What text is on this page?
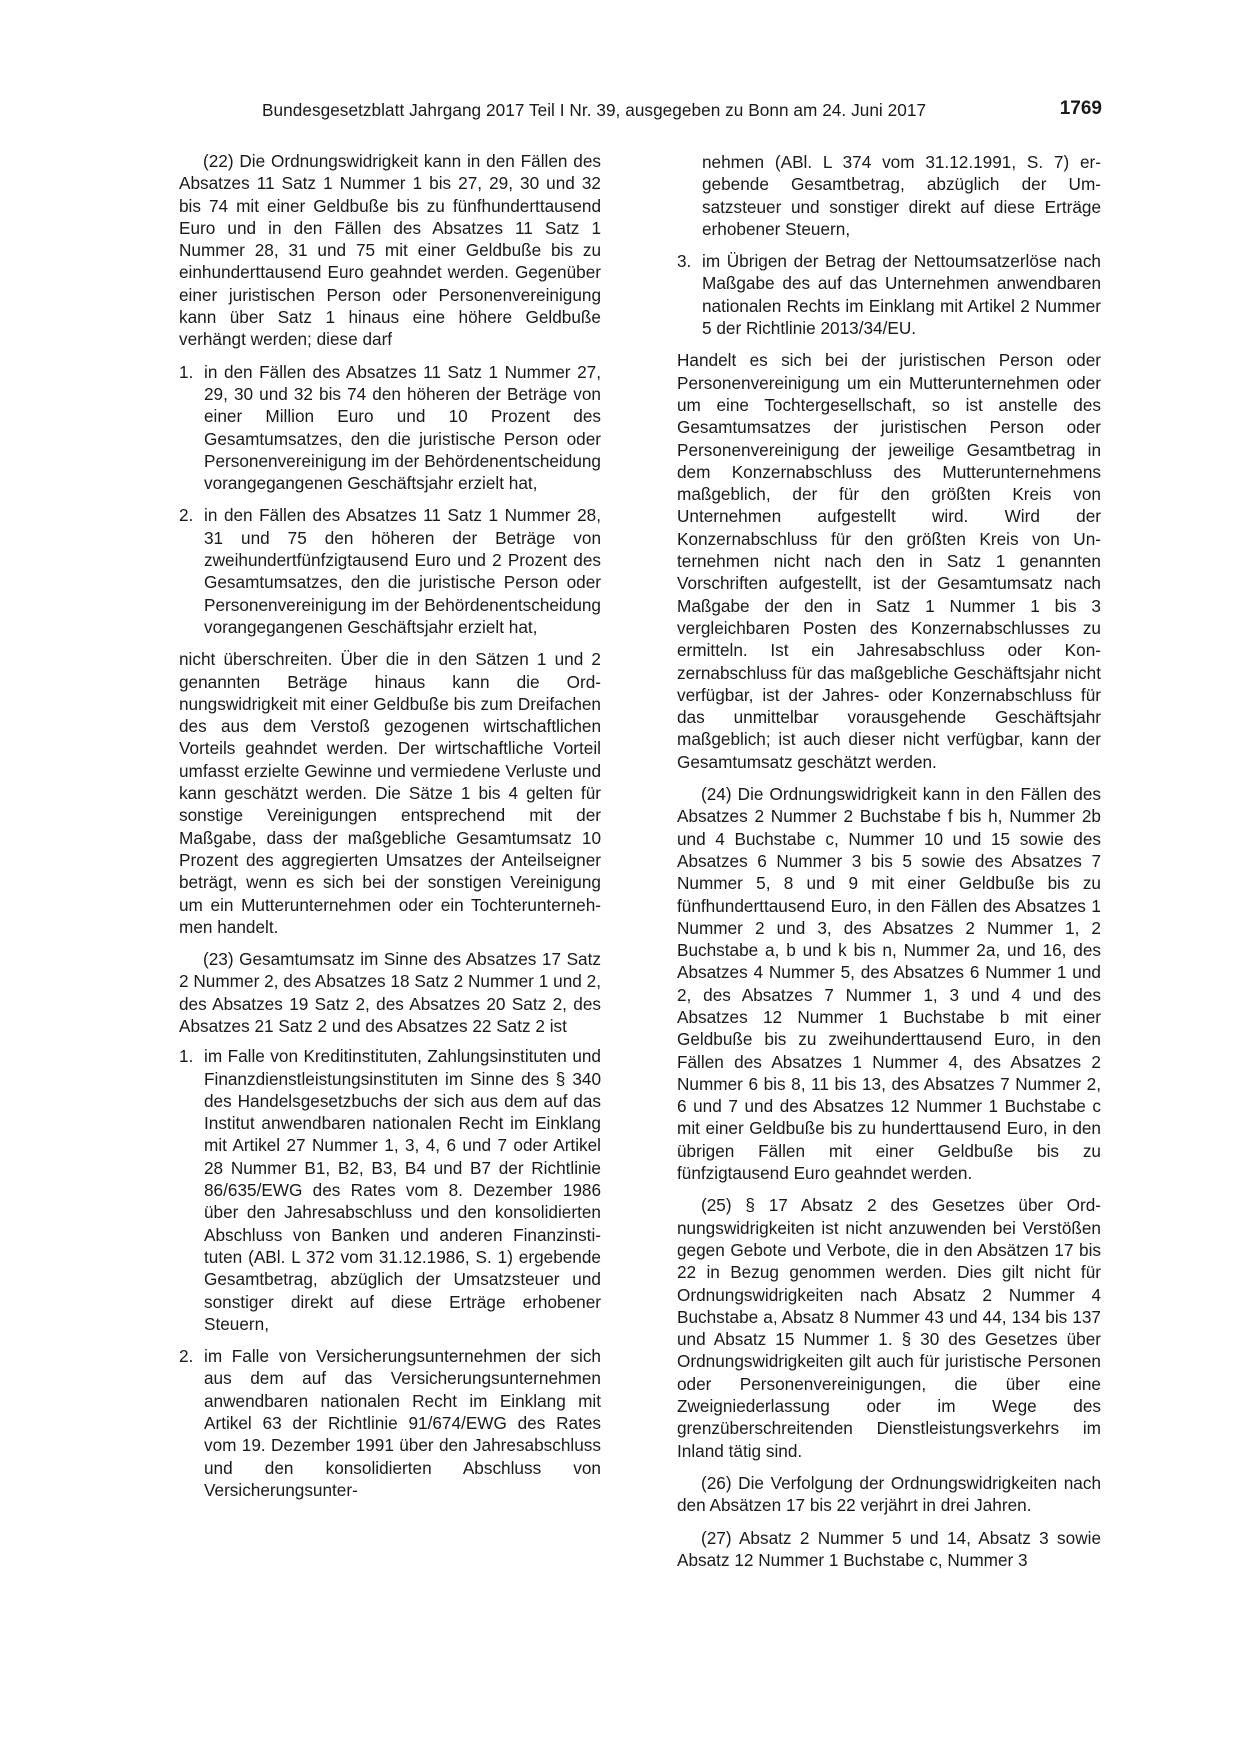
Bundesgesetzblatt Jahrgang 2017 Teil I Nr. 39, ausgegeben zu Bonn am 24. Juni 2017	1769

(22) Die Ordnungswidrigkeit kann in den Fällen des Absatzes 11 Satz 1 Nummer 1 bis 27, 29, 30 und 32 bis 74 mit einer Geldbuße bis zu fünfhunderttausend Euro und in den Fällen des Absatzes 11 Satz 1 Nummer 28, 31 und 75 mit einer Geldbuße bis zu einhunderttausend Euro geahndet werden. Gegenüber einer juristischen Person oder Personenvereinigung kann über Satz 1 hinaus eine höhere Geldbuße verhängt werden; diese darf

1. in den Fällen des Absatzes 11 Satz 1 Nummer 27, 29, 30 und 32 bis 74 den höheren der Beträge von einer Million Euro und 10 Prozent des Gesamtumsatzes, den die juristische Person oder Personenvereinigung im der Behördenentscheidung vorangegangenen Geschäftsjahr erzielt hat,
2. in den Fällen des Absatzes 11 Satz 1 Nummer 28, 31 und 75 den höheren der Beträge von zweihundertfünfzigtausend Euro und 2 Prozent des Gesamtumsatzes, den die juristische Person oder Personenvereinigung im der Behördenentscheidung vorangegangenen Geschäftsjahr erzielt hat,

nicht überschreiten. Über die in den Sätzen 1 und 2 genannten Beträge hinaus kann die Ordnungswidrigkeit mit einer Geldbuße bis zum Dreifachen des aus dem Verstoß gezogenen wirtschaftlichen Vorteils geahndet werden. Der wirtschaftliche Vorteil umfasst erzielte Gewinne und vermiedene Verluste und kann geschätzt werden. Die Sätze 1 bis 4 gelten für sonstige Vereinigungen entsprechend mit der Maßgabe, dass der maßgebliche Gesamtumsatz 10 Prozent des aggregierten Umsatzes der Anteilseigner beträgt, wenn es sich bei der sonstigen Vereinigung um ein Mutterunternehmen oder ein Tochterunternehmen handelt.

(23) Gesamtumsatz im Sinne des Absatzes 17 Satz 2 Nummer 2, des Absatzes 18 Satz 2 Nummer 1 und 2, des Absatzes 19 Satz 2, des Absatzes 20 Satz 2, des Absatzes 21 Satz 2 und des Absatzes 22 Satz 2 ist

1. im Falle von Kreditinstituten, Zahlungsinstituten und Finanzdienstleistungsinstituten im Sinne des § 340 des Handelsgesetzbuchs der sich aus dem auf das Institut anwendbaren nationalen Recht im Einklang mit Artikel 27 Nummer 1, 3, 4, 6 und 7 oder Artikel 28 Nummer B1, B2, B3, B4 und B7 der Richtlinie 86/635/EWG des Rates vom 8. Dezember 1986 über den Jahresabschluss und den konsolidierten Abschluss von Banken und anderen Finanzinstituten (ABl. L 372 vom 31.12.1986, S. 1) ergebende Gesamtbetrag, abzüglich der Umsatzsteuer und sonstiger direkt auf diese Erträge erhobener Steuern,
2. im Falle von Versicherungsunternehmen der sich aus dem auf das Versicherungsunternehmen anwendbaren nationalen Recht im Einklang mit Artikel 63 der Richtlinie 91/674/EWG des Rates vom 19. Dezember 1991 über den Jahresabschluss und den konsolidierten Abschluss von Versicherungsunter-
nehmen (ABl. L 374 vom 31.12.1991, S. 7) ergebende Gesamtbetrag, abzüglich der Umsatzsteuer und sonstiger direkt auf diese Erträge erhobener Steuern,
3. im Übrigen der Betrag der Nettoumsatzerlöse nach Maßgabe des auf das Unternehmen anwendbaren nationalen Rechts im Einklang mit Artikel 2 Nummer 5 der Richtlinie 2013/34/EU.

Handelt es sich bei der juristischen Person oder Personenvereinigung um ein Mutterunternehmen oder um eine Tochtergesellschaft, so ist anstelle des Gesamtumsatzes der juristischen Person oder Personenvereinigung der jeweilige Gesamtbetrag in dem Konzernabschluss des Mutterunternehmens maßgeblich, der für den größten Kreis von Unternehmen aufgestellt wird. Wird der Konzernabschluss für den größten Kreis von Unternehmen nicht nach den in Satz 1 genannten Vorschriften aufgestellt, ist der Gesamtumsatz nach Maßgabe der den in Satz 1 Nummer 1 bis 3 vergleichbaren Posten des Konzernabschlusses zu ermitteln. Ist ein Jahresabschluss oder Konzernabschluss für das maßgebliche Geschäftsjahr nicht verfügbar, ist der Jahres- oder Konzernabschluss für das unmittelbar vorausgehende Geschäftsjahr maßgeblich; ist auch dieser nicht verfügbar, kann der Gesamtumsatz geschätzt werden.

(24) Die Ordnungswidrigkeit kann in den Fällen des Absatzes 2 Nummer 2 Buchstabe f bis h, Nummer 2b und 4 Buchstabe c, Nummer 10 und 15 sowie des Absatzes 6 Nummer 3 bis 5 sowie des Absatzes 7 Nummer 5, 8 und 9 mit einer Geldbuße bis zu fünfhunderttausend Euro, in den Fällen des Absatzes 1 Nummer 2 und 3, des Absatzes 2 Nummer 1, 2 Buchstabe a, b und k bis n, Nummer 2a, und 16, des Absatzes 4 Nummer 5, des Absatzes 6 Nummer 1 und 2, des Absatzes 7 Nummer 1, 3 und 4 und des Absatzes 12 Nummer 1 Buchstabe b mit einer Geldbuße bis zu zweihunderttausend Euro, in den Fällen des Absatzes 1 Nummer 4, des Absatzes 2 Nummer 6 bis 8, 11 bis 13, des Absatzes 7 Nummer 2, 6 und 7 und des Absatzes 12 Nummer 1 Buchstabe c mit einer Geldbuße bis zu hunderttausend Euro, in den übrigen Fällen mit einer Geldbuße bis zu fünfzigtausend Euro geahndet werden.

(25) § 17 Absatz 2 des Gesetzes über Ordnungswidrigkeiten ist nicht anzuwenden bei Verstößen gegen Gebote und Verbote, die in den Absätzen 17 bis 22 in Bezug genommen werden. Dies gilt nicht für Ordnungswidrigkeiten nach Absatz 2 Nummer 4 Buchstabe a, Absatz 8 Nummer 43 und 44, 134 bis 137 und Absatz 15 Nummer 1. § 30 des Gesetzes über Ordnungswidrigkeiten gilt auch für juristische Personen oder Personenvereinigungen, die über eine Zweigniederlassung oder im Wege des grenzüberschreitenden Dienstleistungsverkehrs im Inland tätig sind.

(26) Die Verfolgung der Ordnungswidrigkeiten nach den Absätzen 17 bis 22 verjährt in drei Jahren.

(27) Absatz 2 Nummer 5 und 14, Absatz 3 sowie Absatz 12 Nummer 1 Buchstabe c, Nummer 3
